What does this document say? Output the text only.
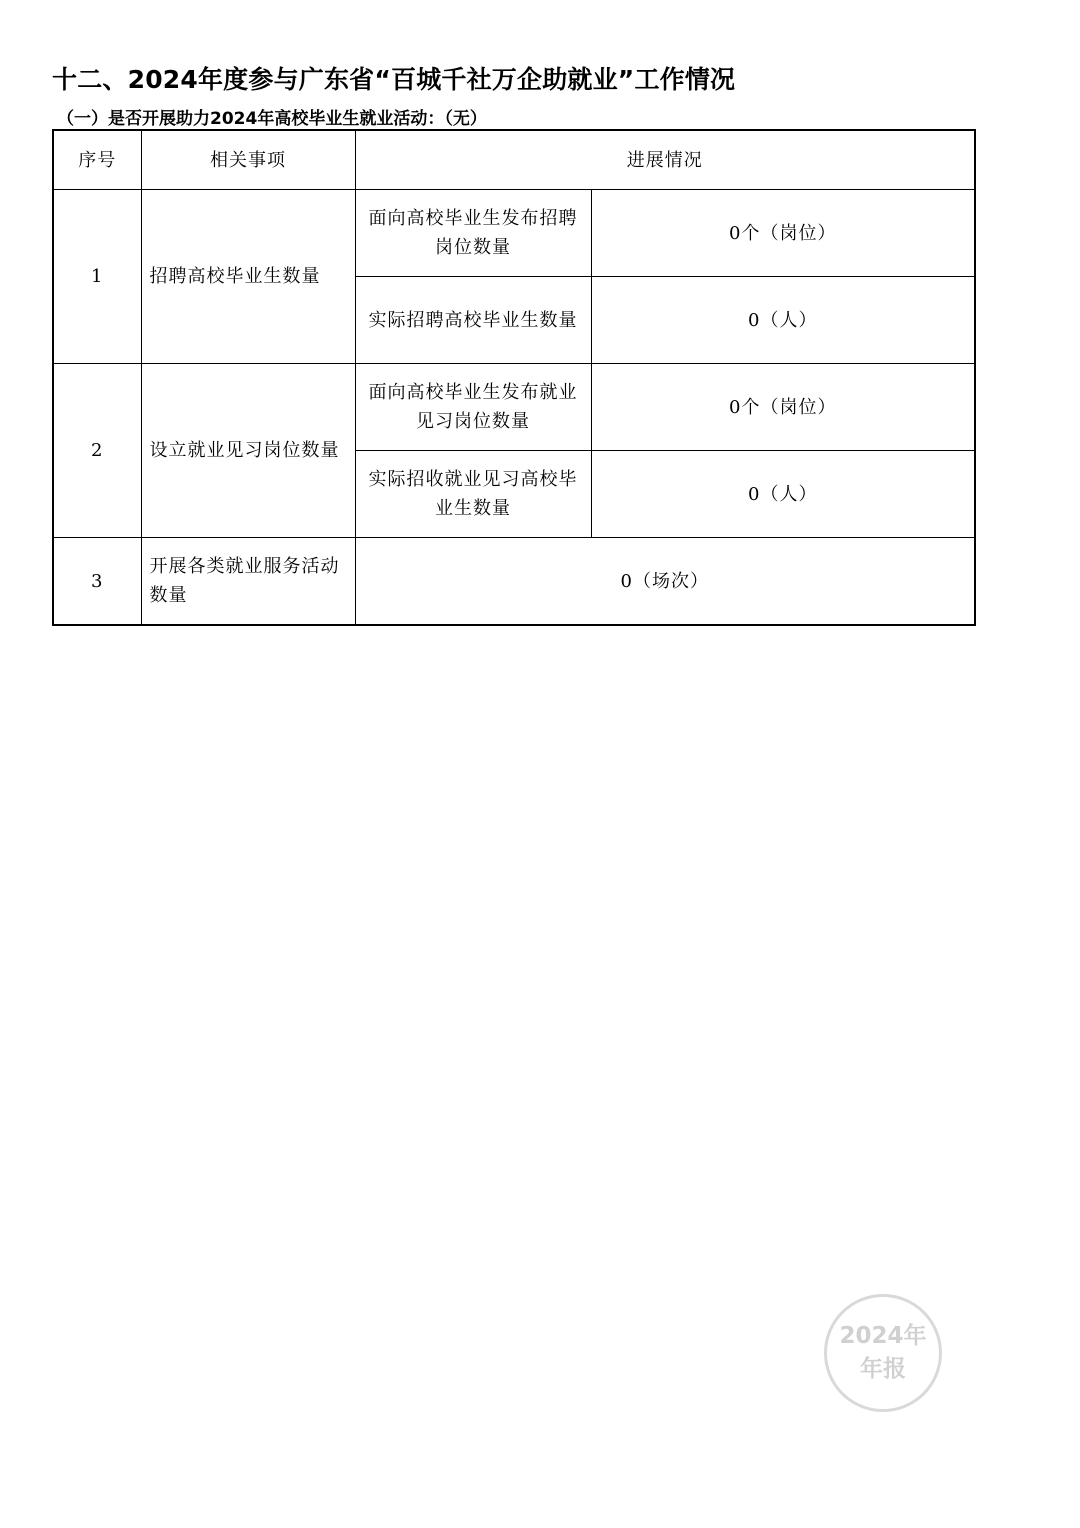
十二、2024年度参与广东省“百城千社万企助就业”工作情况
（一）是否开展助力2024年高校毕业生就业活动：（无）
序号	相关事项	进展情况	
1	招聘高校毕业生数量	面向高校毕业生发布招聘岗位数量	0个（岗位）
		实际招聘高校毕业生数量	0（人）
2	设立就业见习岗位数量	面向高校毕业生发布就业见习岗位数量	0个（岗位）
		实际招收就业见习高校毕业生数量	0（人）
3	开展各类就业服务活动数量	0（场次）	
2024年
年报
